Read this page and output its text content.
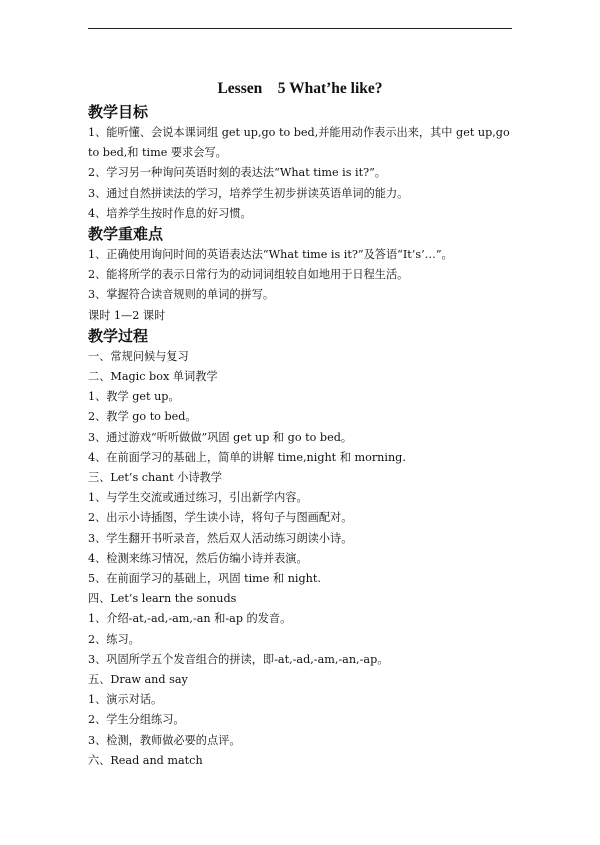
Lessen    5 What’he like?

教学目标

1、能听懂、会说本课词组 get up,go to bed,并能用动作表示出来，其中 get up,go to bed,和 time 要求会写。

2、学习另一种询问英语时刻的表达法“What time is it?”。

3、通过自然拼读法的学习，培养学生初步拼读英语单词的能力。

4、培养学生按时作息的好习惯。

教学重难点

1、正确使用询问时间的英语表达法“What time is it?”及答语“It’s’…”。

2、能将所学的表示日常行为的动词词组较自如地用于日程生活。

3、掌握符合读音规则的单词的拼写。

课时 1—2 课时

教学过程

一、常规问候与复习

二、Magic box 单词教学

1、教学 get up。

2、教学 go to bed。

3、通过游戏“听听做做”巩固 get up 和 go to bed。

4、在前面学习的基础上，简单的讲解 time,night 和 morning.

三、Let’s chant 小诗教学

1、与学生交流或通过练习，引出新学内容。

2、出示小诗插图，学生读小诗，将句子与图画配对。

3、学生翻开书听录音，然后双人活动练习朗读小诗。

4、检测来练习情况，然后仿编小诗并表演。

5、在前面学习的基础上，巩固 time 和 night.

四、Let’s learn the sonuds

1、介绍-at,-ad,-am,-an 和-ap 的发音。

2、练习。

3、巩固所学五个发音组合的拼读，即-at,-ad,-am,-an,-ap。

五、Draw and say

1、演示对话。

2、学生分组练习。

3、检测，教师做必要的点评。

六、Read and match
